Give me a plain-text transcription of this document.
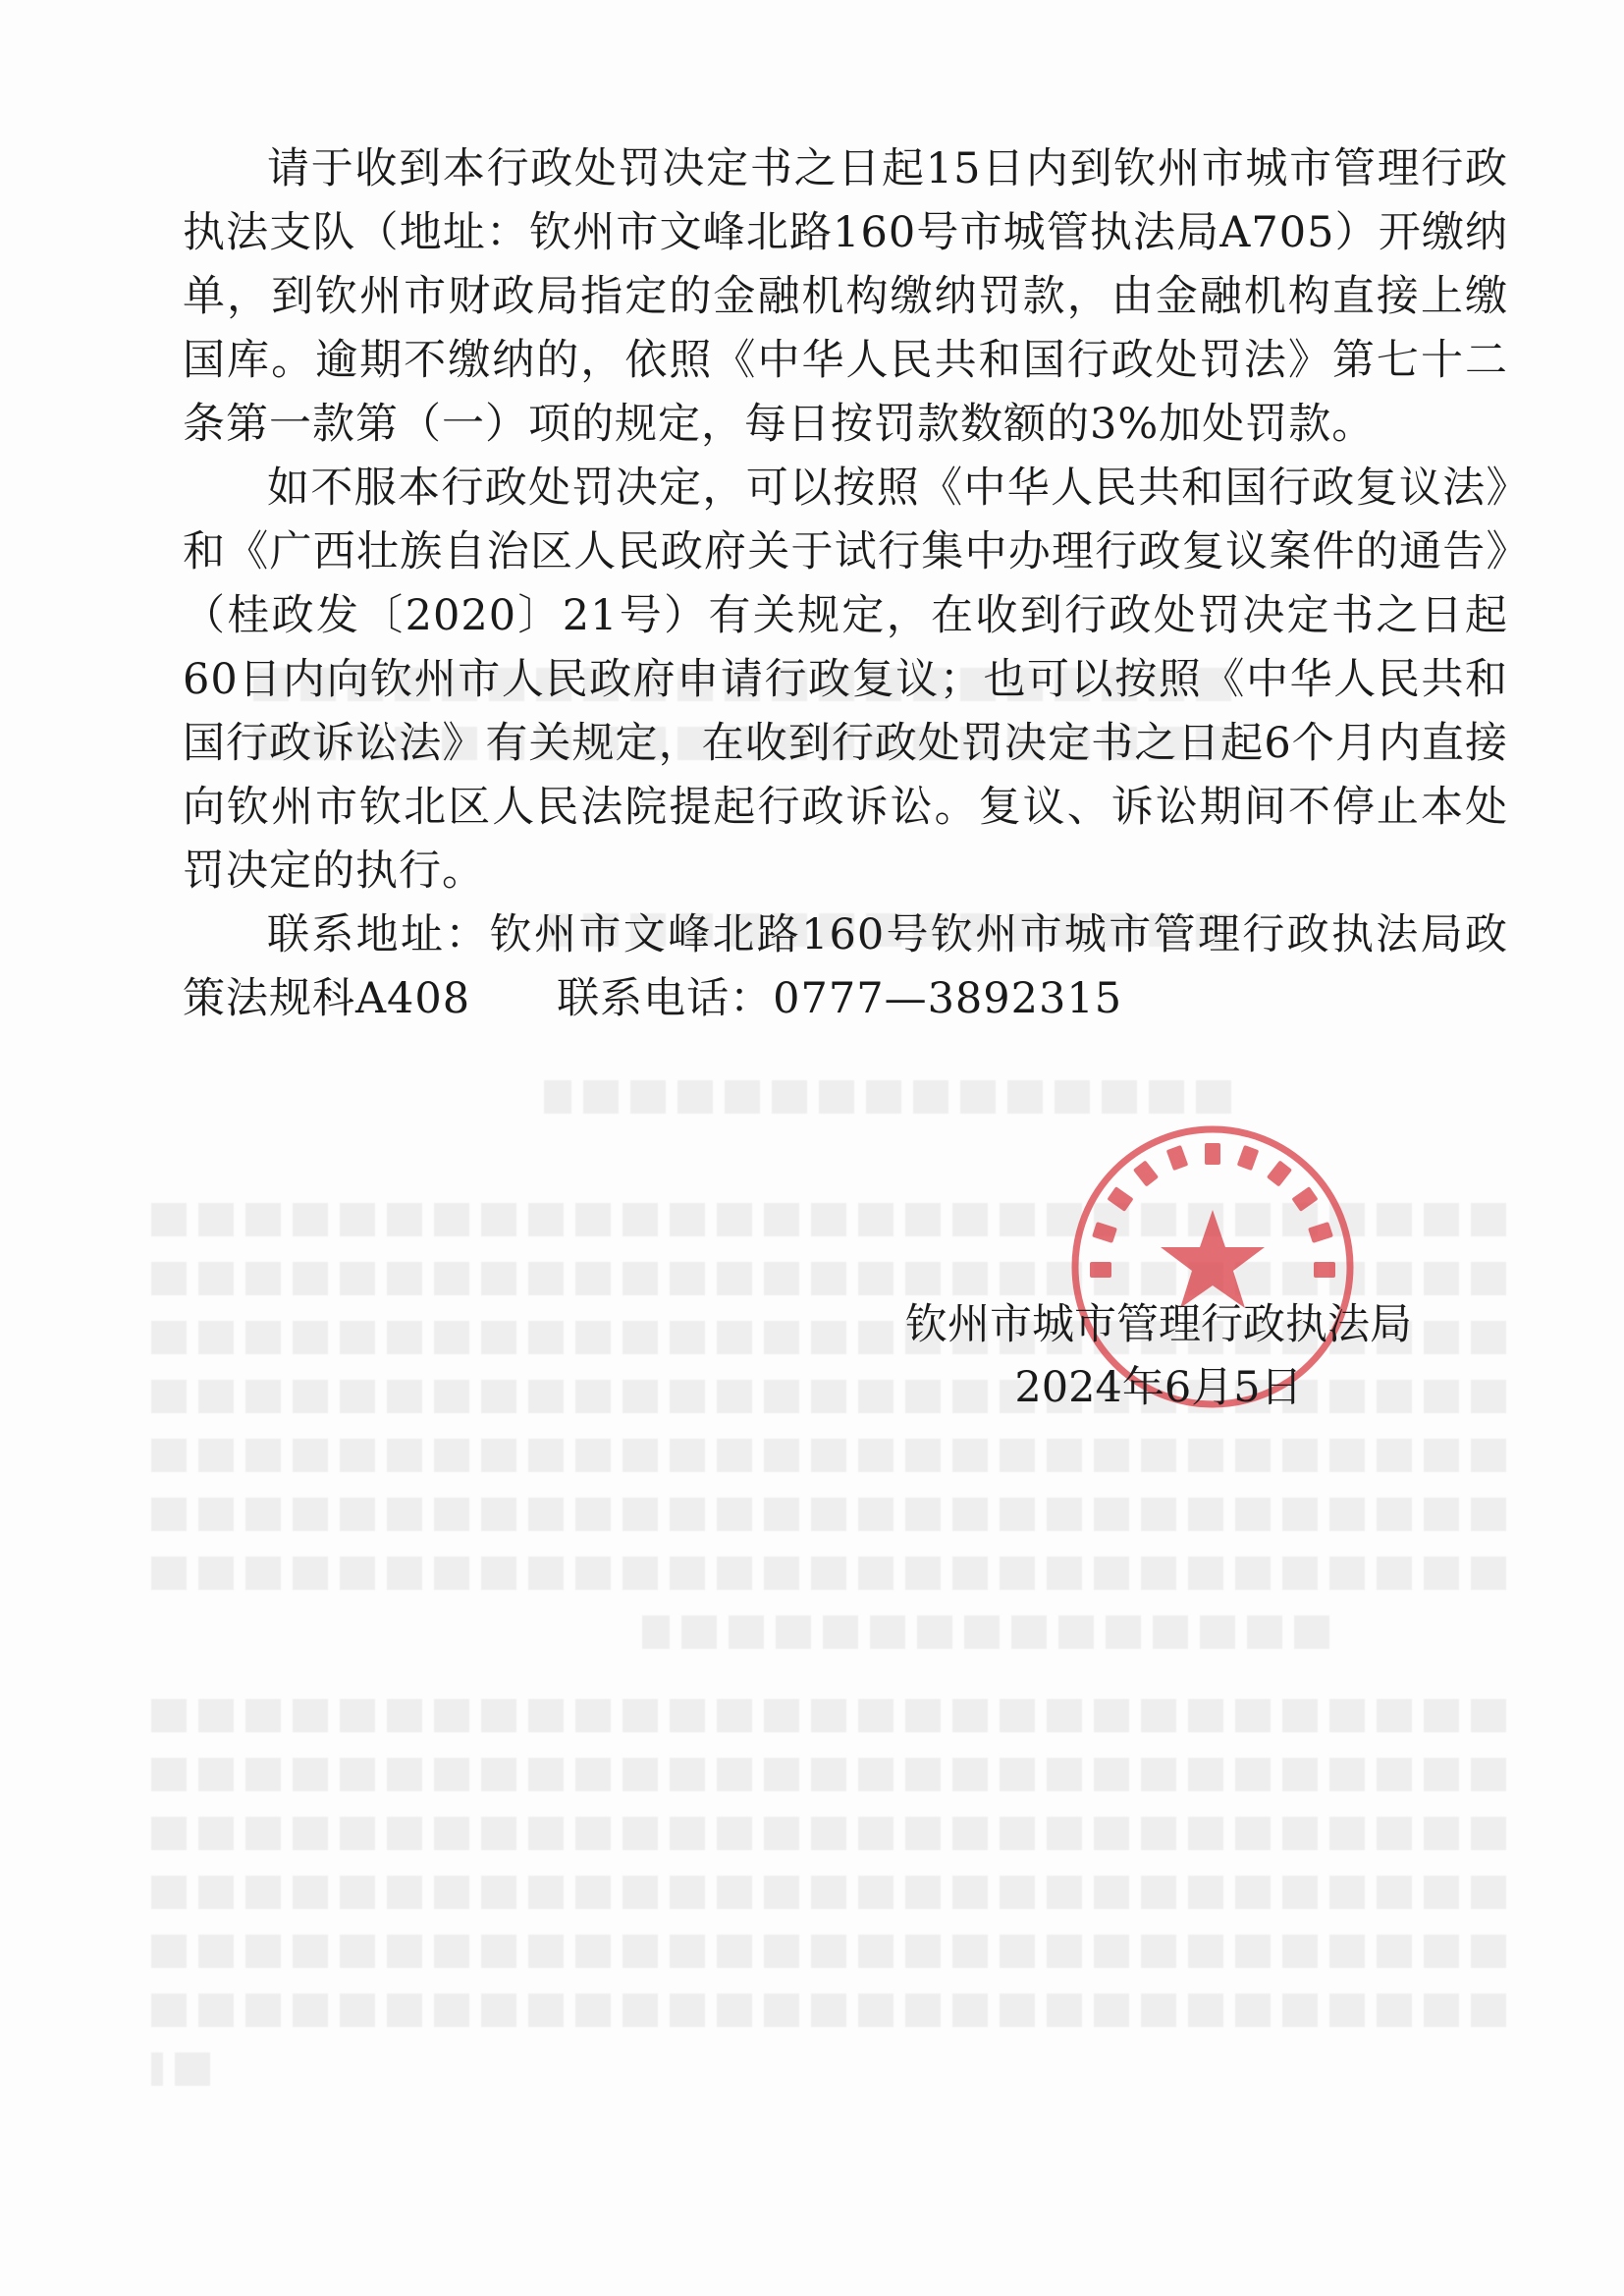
请于收到本行政处罚决定书之日起15日内到钦州市城市管理行政执法支队（地址：钦州市文峰北路160号市城管执法局A705）开缴纳单，到钦州市财政局指定的金融机构缴纳罚款，由金融机构直接上缴国库。逾期不缴纳的，依照《中华人民共和国行政处罚法》第七十二条第一款第（一）项的规定，每日按罚款数额的3%加处罚款。

如不服本行政处罚决定，可以按照《中华人民共和国行政复议法》和《广西壮族自治区人民政府关于试行集中办理行政复议案件的通告》（桂政发〔2020〕21号）有关规定，在收到行政处罚决定书之日起60日内向钦州市人民政府申请行政复议；也可以按照《中华人民共和国行政诉讼法》有关规定，在收到行政处罚决定书之日起6个月内直接向钦州市钦北区人民法院提起行政诉讼。复议、诉讼期间不停止本处罚决定的执行。

联系地址：钦州市文峰北路160号钦州市城市管理行政执法局政策法规科A408 联系电话：0777—3892315

钦州市城市管理行政执法局
2024年6月5日
